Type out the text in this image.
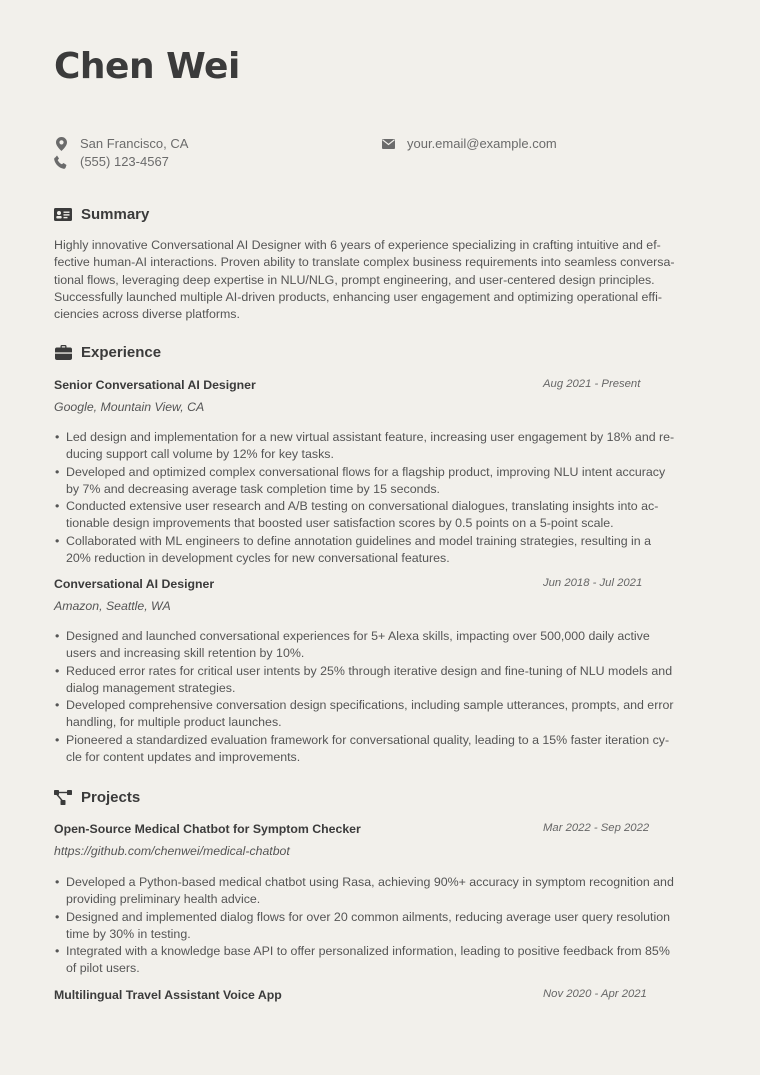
Chen Wei
San Francisco, CA
(555) 123-4567
your.email@example.com
Summary
Highly innovative Conversational AI Designer with 6 years of experience specializing in crafting intuitive and ef-
fective human-AI interactions. Proven ability to translate complex business requirements into seamless conversa-
tional flows, leveraging deep expertise in NLU/NLG, prompt engineering, and user-centered design principles.
Successfully launched multiple AI-driven products, enhancing user engagement and optimizing operational effi-
ciencies across diverse platforms.
Experience
Senior Conversational AI Designer	Aug 2021 - Present
Google, Mountain View, CA
• Led design and implementation for a new virtual assistant feature, increasing user engagement by 18% and re-
ducing support call volume by 12% for key tasks.
• Developed and optimized complex conversational flows for a flagship product, improving NLU intent accuracy
by 7% and decreasing average task completion time by 15 seconds.
• Conducted extensive user research and A/B testing on conversational dialogues, translating insights into ac-
tionable design improvements that boosted user satisfaction scores by 0.5 points on a 5-point scale.
• Collaborated with ML engineers to define annotation guidelines and model training strategies, resulting in a
20% reduction in development cycles for new conversational features.
Conversational AI Designer	Jun 2018 - Jul 2021
Amazon, Seattle, WA
• Designed and launched conversational experiences for 5+ Alexa skills, impacting over 500,000 daily active
users and increasing skill retention by 10%.
• Reduced error rates for critical user intents by 25% through iterative design and fine-tuning of NLU models and
dialog management strategies.
• Developed comprehensive conversation design specifications, including sample utterances, prompts, and error
handling, for multiple product launches.
• Pioneered a standardized evaluation framework for conversational quality, leading to a 15% faster iteration cy-
cle for content updates and improvements.
Projects
Open-Source Medical Chatbot for Symptom Checker	Mar 2022 - Sep 2022
https://github.com/chenwei/medical-chatbot
• Developed a Python-based medical chatbot using Rasa, achieving 90%+ accuracy in symptom recognition and
providing preliminary health advice.
• Designed and implemented dialog flows for over 20 common ailments, reducing average user query resolution
time by 30% in testing.
• Integrated with a knowledge base API to offer personalized information, leading to positive feedback from 85%
of pilot users.
Multilingual Travel Assistant Voice App	Nov 2020 - Apr 2021
